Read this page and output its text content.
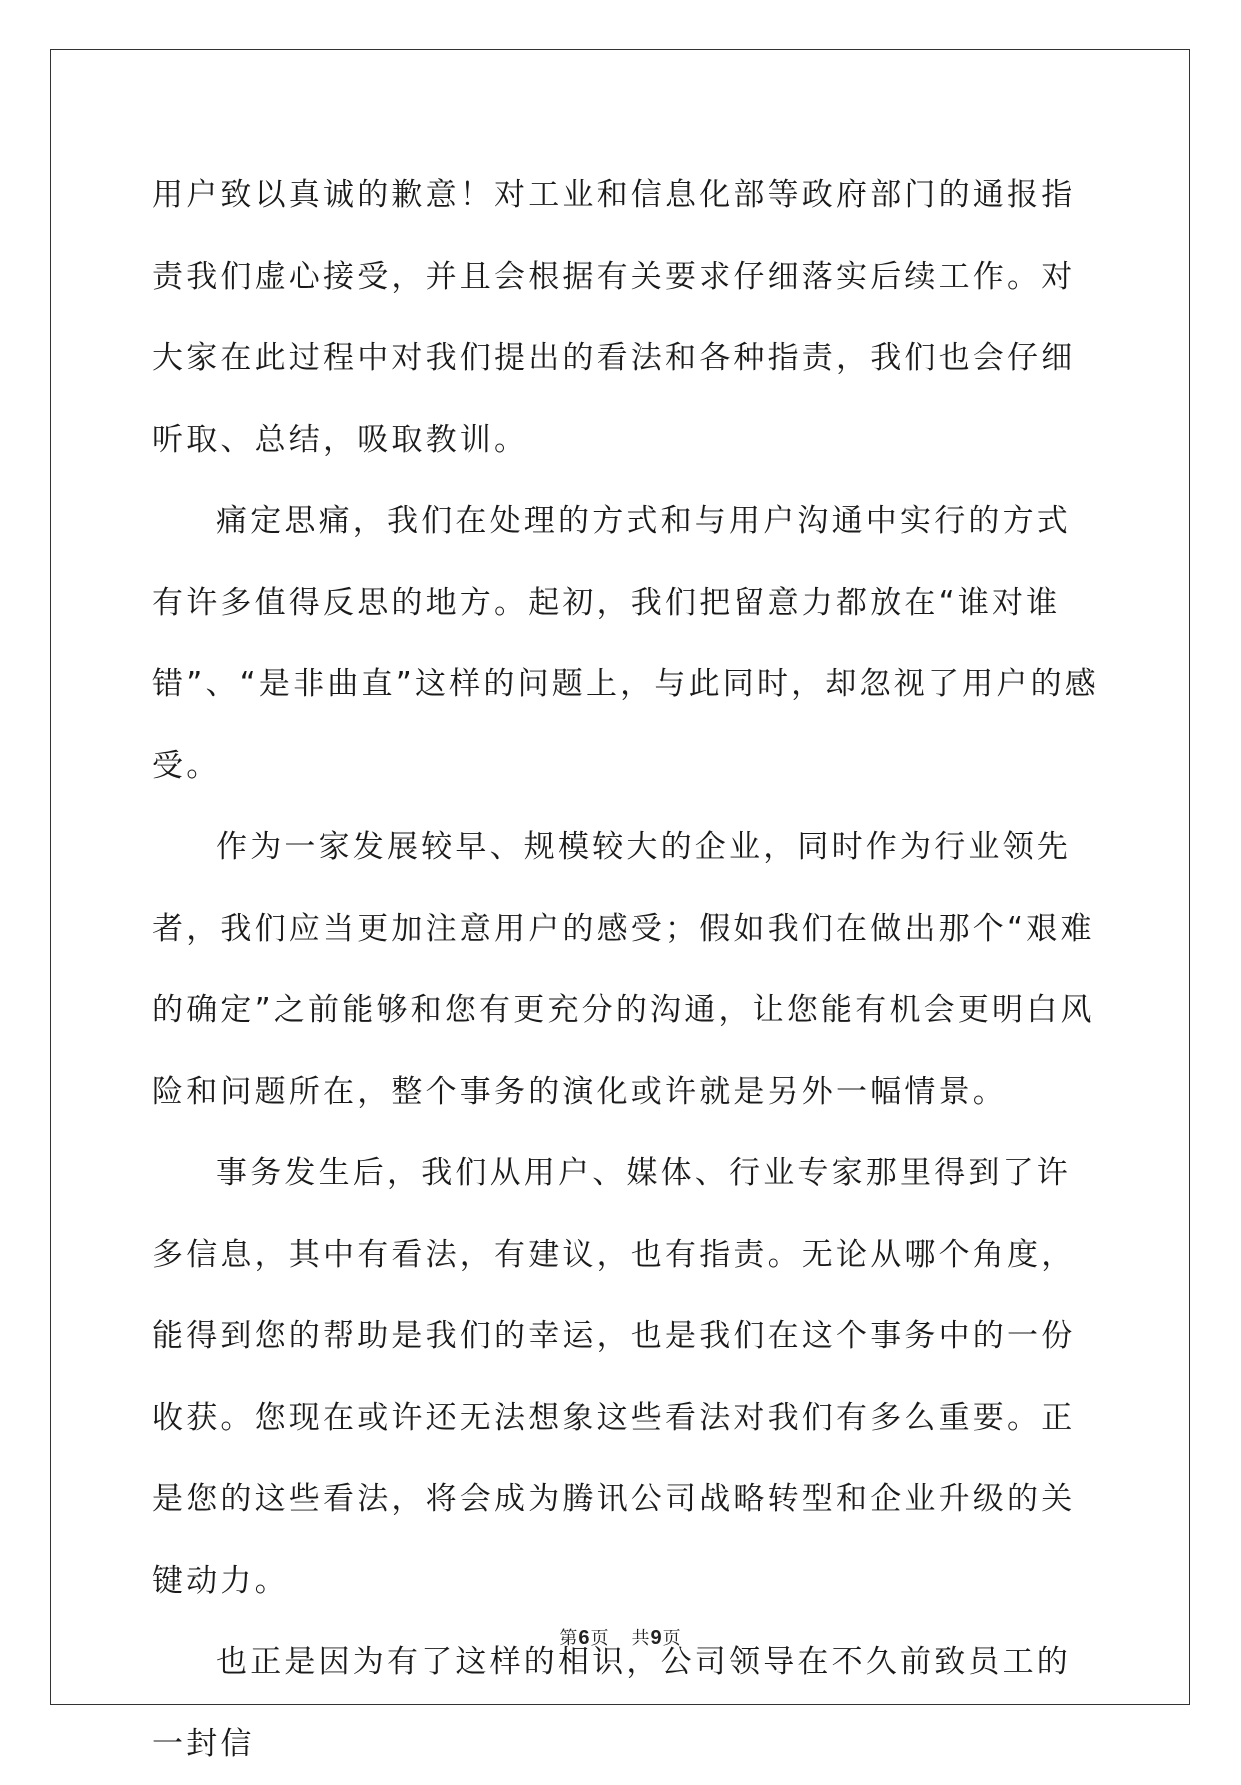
用户致以真诚的歉意！对工业和信息化部等政府部门的通报指责我们虚心接受，并且会根据有关要求仔细落实后续工作。对大家在此过程中对我们提出的看法和各种指责，我们也会仔细听取、总结，吸取教训。

痛定思痛，我们在处理的方式和与用户沟通中实行的方式有许多值得反思的地方。起初，我们把留意力都放在“谁对谁错”、“是非曲直”这样的问题上，与此同时，却忽视了用户的感受。

作为一家发展较早、规模较大的企业，同时作为行业领先者，我们应当更加注意用户的感受；假如我们在做出那个“艰难的确定”之前能够和您有更充分的沟通，让您能有机会更明白风险和问题所在，整个事务的演化或许就是另外一幅情景。

事务发生后，我们从用户、媒体、行业专家那里得到了许多信息，其中有看法，有建议，也有指责。无论从哪个角度，能得到您的帮助是我们的幸运，也是我们在这个事务中的一份收获。您现在或许还无法想象这些看法对我们有多么重要。正是您的这些看法，将会成为腾讯公司战略转型和企业升级的关键动力。

也正是因为有了这样的相识，公司领导在不久前致员工的一封信

第6页 共9页
